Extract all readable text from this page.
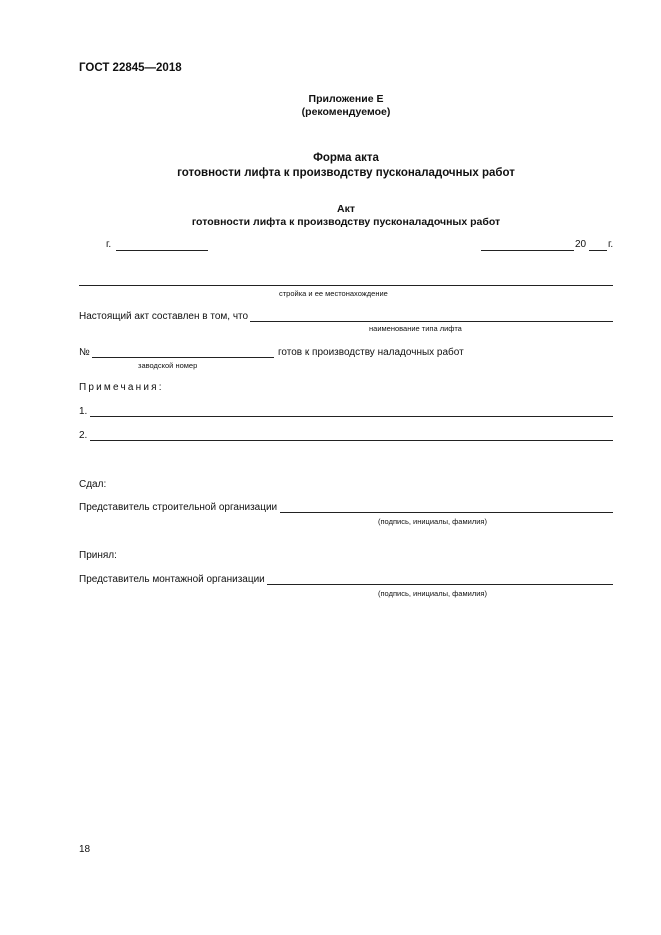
ГОСТ 22845—2018
Приложение Е
(рекомендуемое)
Форма акта
готовности лифта к производству пусконаладочных работ
Акт
готовности лифта к производству пусконаладочных работ
г.	20 г.
стройка и ее местонахождение
Настоящий акт составлен в том, что
наименование типа лифта
№	готов к производству наладочных работ
заводской номер
Примечания:
1.
2.
Сдал:
Представитель строительной организации
(подпись, инициалы, фамилия)
Принял:
Представитель монтажной организации
(подпись, инициалы, фамилия)
18
